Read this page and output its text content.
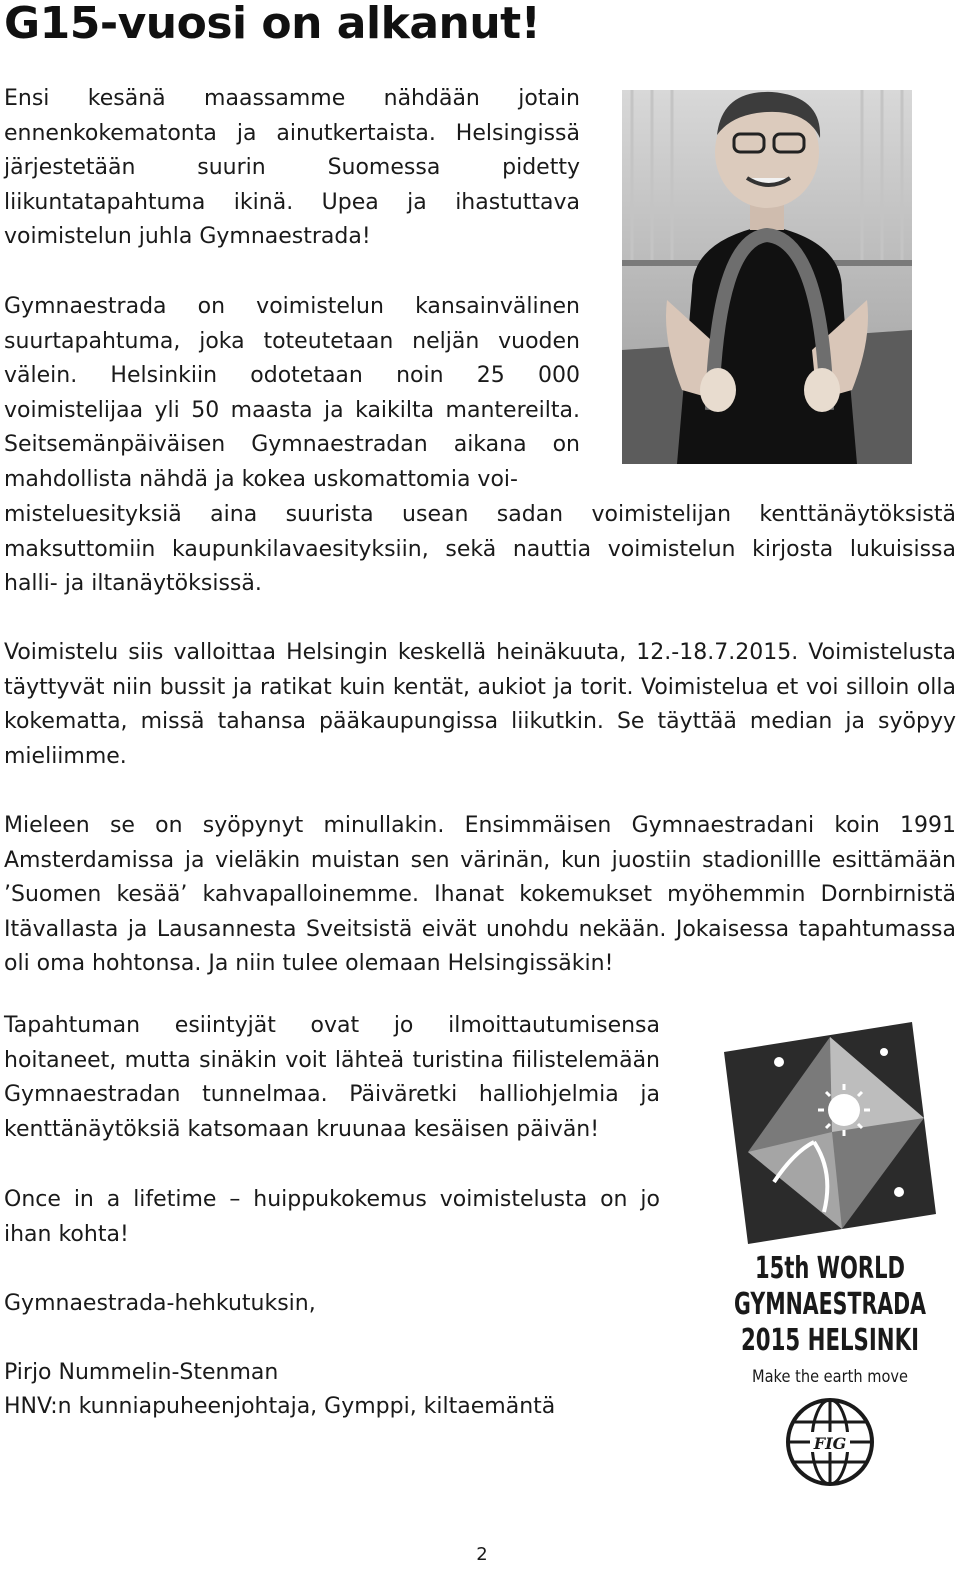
G15-vuosi on alkanut!

Ensi kesänä maassamme nähdään jotain ennenkokematonta ja ainutkertaista. Helsingissä järjestetään suurin Suomessa pidetty liikuntatapahtuma ikinä. Upea ja ihastuttava voimistelun juhla Gymnaestrada!

Gymnaestrada on voimistelun kansainvälinen suurtapahtuma, joka toteutetaan neljän vuoden välein. Helsinkiin odotetaan noin 25 000 voimistelijaa yli 50 maasta ja kaikilta mantereilta. Seitsemänpäiväisen Gymnaestradan aikana on mahdollista nähdä ja kokea uskomattomia voi-

misteluesityksiä aina suurista usean sadan voimistelijan kenttänäytöksistä maksuttomiin kaupunkilavaesityksiin, sekä nauttia voimistelun kirjosta lukuisissa halli- ja iltanäytöksissä.

Voimistelu siis valloittaa Helsingin keskellä heinäkuuta, 12.-18.7.2015. Voimistelusta täyttyvät niin bussit ja ratikat kuin kentät, aukiot ja torit. Voimistelua et voi silloin olla kokematta, missä tahansa pääkaupungissa liikutkin. Se täyttää median ja syöpyy mieliimme.

Mieleen se on syöpynyt minullakin. Ensimmäisen Gymnaestradani koin 1991 Amsterdamissa ja vieläkin muistan sen värinän, kun juostiin stadionillle esittämään ’Suomen kesää’ kahvapalloinemme. Ihanat kokemukset myöhemmin Dornbirnistä Itävallasta ja Lausannesta Sveitsistä eivät unohdu nekään. Jokaisessa tapahtumassa oli oma hohtonsa. Ja niin tulee olemaan Helsingissäkin!

Tapahtuman esiintyjät ovat jo ilmoittautumisensa hoitaneet, mutta sinäkin voit lähteä turistina fiilistelemään Gymnaestradan tunnelmaa. Päiväretki halliohjelmia ja kenttänäytöksiä katsomaan kruunaa kesäisen päivän!

Once in a lifetime – huippukokemus voimistelusta on jo ihan kohta!

Gymnaestrada-hehkutuksin,

Pirjo Nummelin-Stenman

HNV:n kunniapuheenjohtaja, Gymppi, kiltaemäntä

15th WORLD
GYMNAESTRADA
2015 HELSINKI
Make the earth move
FIG
2
